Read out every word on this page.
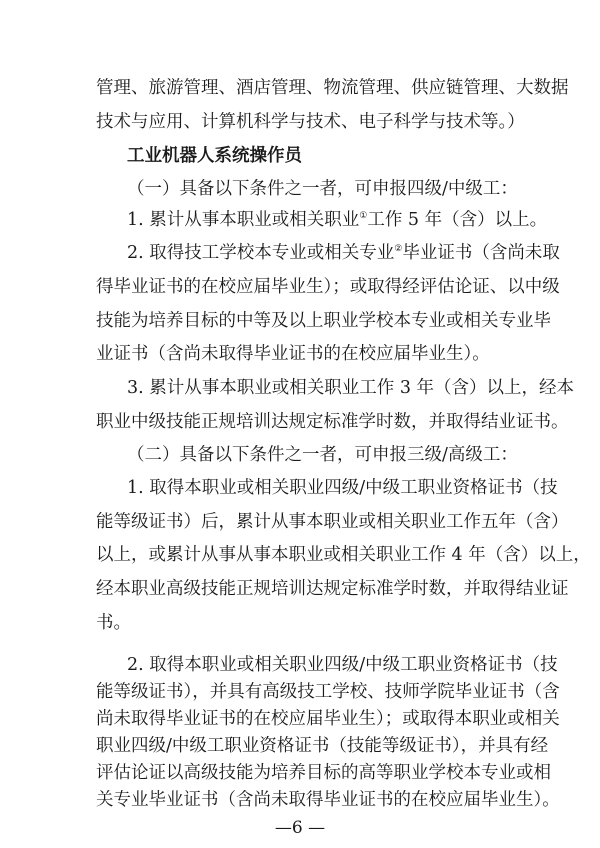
管理、旅游管理、酒店管理、物流管理、供应链管理、大数据
技术与应用、计算机科学与技术、电子科学与技术等。）
工业机器人系统操作员
（一）具备以下条件之一者，可申报四级/中级工：
1. 累计从事本职业或相关职业①工作 5 年（含）以上。
2. 取得技工学校本专业或相关专业②毕业证书（含尚未取
得毕业证书的在校应届毕业生）；或取得经评估论证、以中级
技能为培养目标的中等及以上职业学校本专业或相关专业毕
业证书（含尚未取得毕业证书的在校应届毕业生）。
3. 累计从事本职业或相关职业工作 3 年（含）以上，经本
职业中级技能正规培训达规定标准学时数，并取得结业证书。
（二）具备以下条件之一者，可申报三级/高级工：
1. 取得本职业或相关职业四级/中级工职业资格证书（技
能等级证书）后，累计从事本职业或相关职业工作五年（含）
以上，或累计从事从事本职业或相关职业工作 4 年（含）以上，
经本职业高级技能正规培训达规定标准学时数，并取得结业证
书。
2. 取得本职业或相关职业四级/中级工职业资格证书（技
能等级证书），并具有高级技工学校、技师学院毕业证书（含
尚未取得毕业证书的在校应届毕业生）；或取得本职业或相关
职业四级/中级工职业资格证书（技能等级证书），并具有经
—6 —
评估论证以高级技能为培养目标的高等职业学校本专业或相
关专业毕业证书（含尚未取得毕业证书的在校应届毕业生）。
